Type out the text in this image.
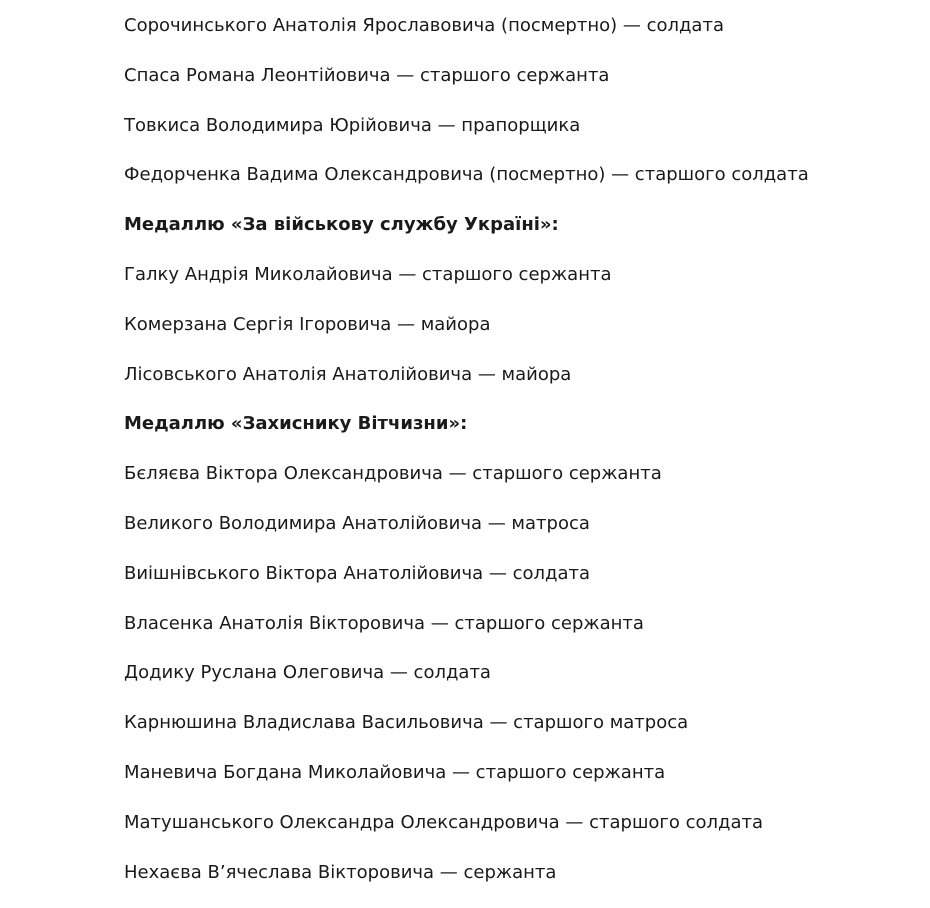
Сорочинського Анатолія Ярославовича (посмертно) — солдата
Спаса Романа Леонтійовича — старшого сержанта
Товкиса Володимира Юрійовича — прапорщика
Федорченка Вадима Олександровича (посмертно) — старшого солдата
Медаллю «За військову службу Україні»:
Галку Андрія Миколайовича — старшого сержанта
Комерзана Сергія Ігоровича — майора
Лісовського Анатолія Анатолійовича — майора
Медаллю «Захиснику Вітчизни»:
Бєляєва Віктора Олександровича — старшого сержанта
Великого Володимира Анатолійовича — матроса
Виішнівського Віктора Анатолійовича — солдата
Власенка Анатолія Вікторовича — старшого сержанта
Додику Руслана Олеговича — солдата
Карнюшина Владислава Васильовича — старшого матроса
Маневича Богдана Миколайовича — старшого сержанта
Матушанського Олександра Олександровича — старшого солдата
Нехаєва В’ячеслава Вікторовича — сержанта
